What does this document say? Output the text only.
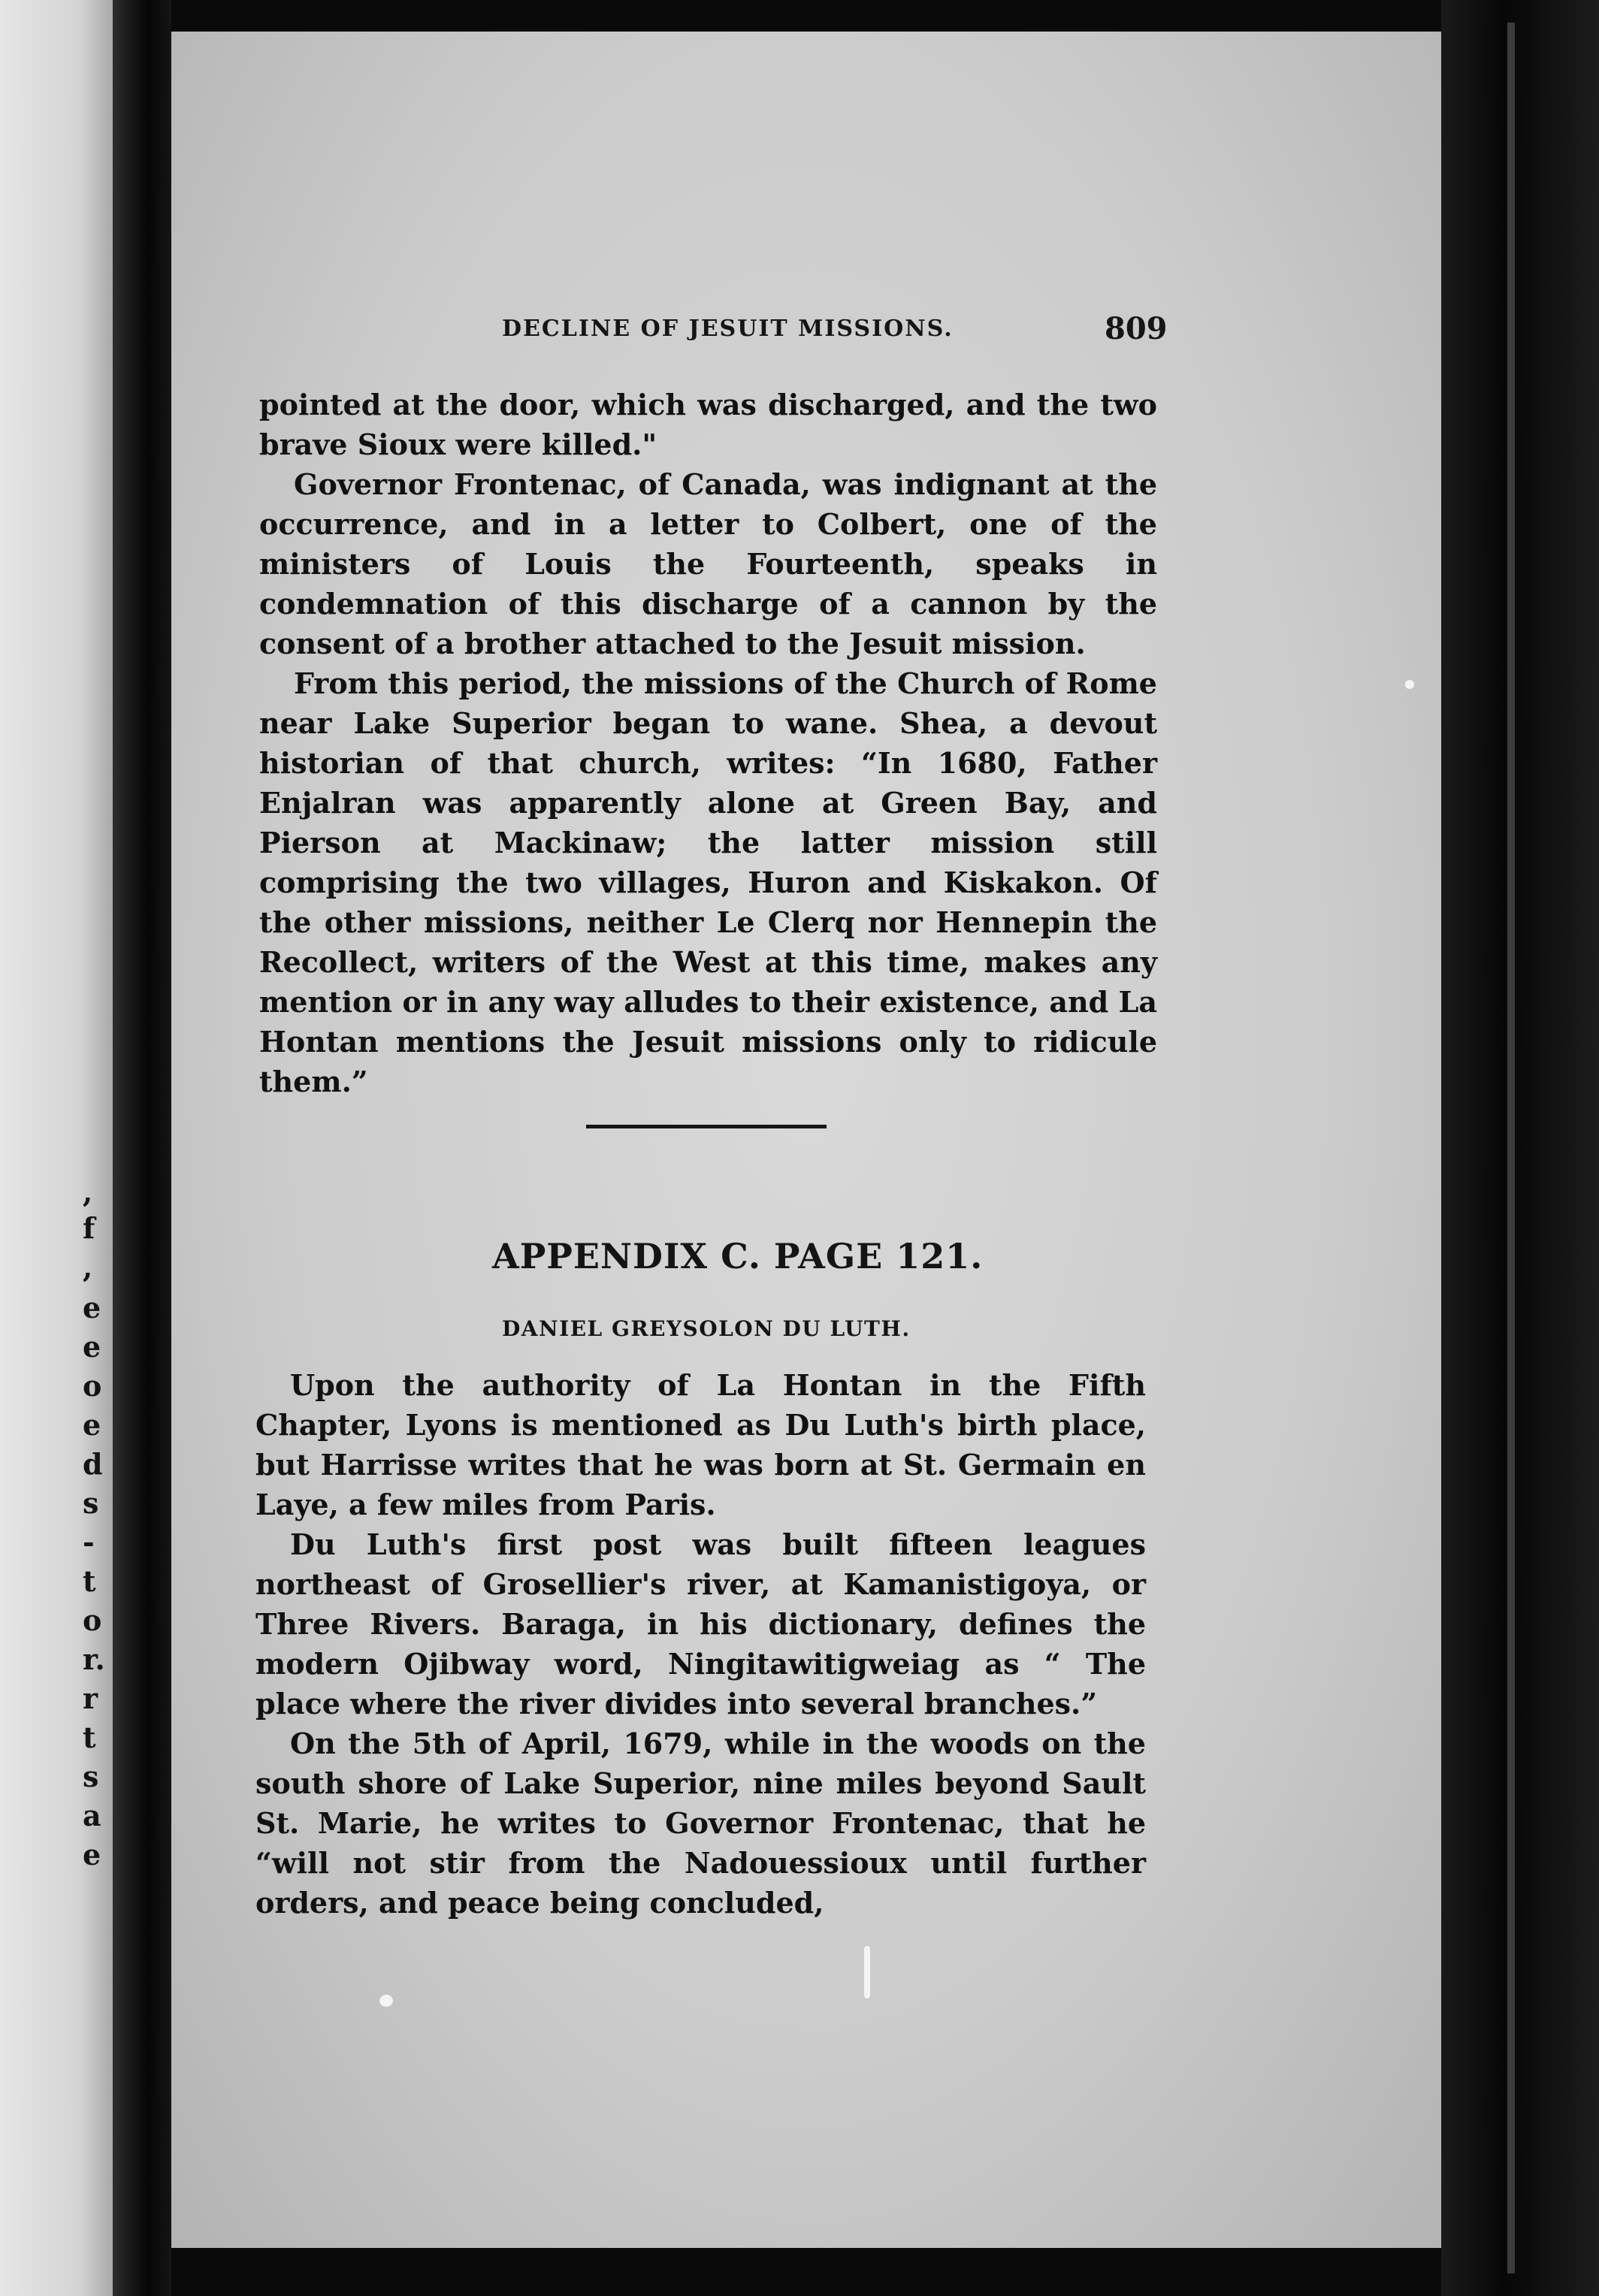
,
f
,
e
e
o
e
d
s
-
t
o
r.
r
t
s
a
e
DECLINE OF JESUIT MISSIONS.	809

pointed at the door, which was discharged, and the two brave Sioux were killed."

Governor Frontenac, of Canada, was indignant at the occurrence, and in a letter to Colbert, one of the ministers of Louis the Fourteenth, speaks in condemnation of this discharge of a cannon by the consent of a brother attached to the Jesuit mission.

From this period, the missions of the Church of Rome near Lake Superior began to wane. Shea, a devout historian of that church, writes: “In 1680, Father Enjalran was apparently alone at Green Bay, and Pierson at Mackinaw; the latter mission still comprising the two villages, Huron and Kiskakon. Of the other missions, neither Le Clerq nor Hennepin the Recollect, writers of the West at this time, makes any mention or in any way alludes to their existence, and La Hontan mentions the Jesuit missions only to ridicule them.”

APPENDIX C. PAGE 121.
DANIEL GREYSOLON DU LUTH.

Upon the authority of La Hontan in the Fifth Chapter, Lyons is mentioned as Du Luth's birth place, but Harrisse writes that he was born at St. Germain en Laye, a few miles from Paris.

Du Luth's first post was built fifteen leagues northeast of Grosellier's river, at Kamanistigoya, or Three Rivers. Baraga, in his dictionary, defines the modern Ojibway word, Ningitawitigweiag as “ The place where the river divides into several branches.”

On the 5th of April, 1679, while in the woods on the south shore of Lake Superior, nine miles beyond Sault St. Marie, he writes to Governor Frontenac, that he “will not stir from the Nadouessioux until further orders, and peace being concluded,
